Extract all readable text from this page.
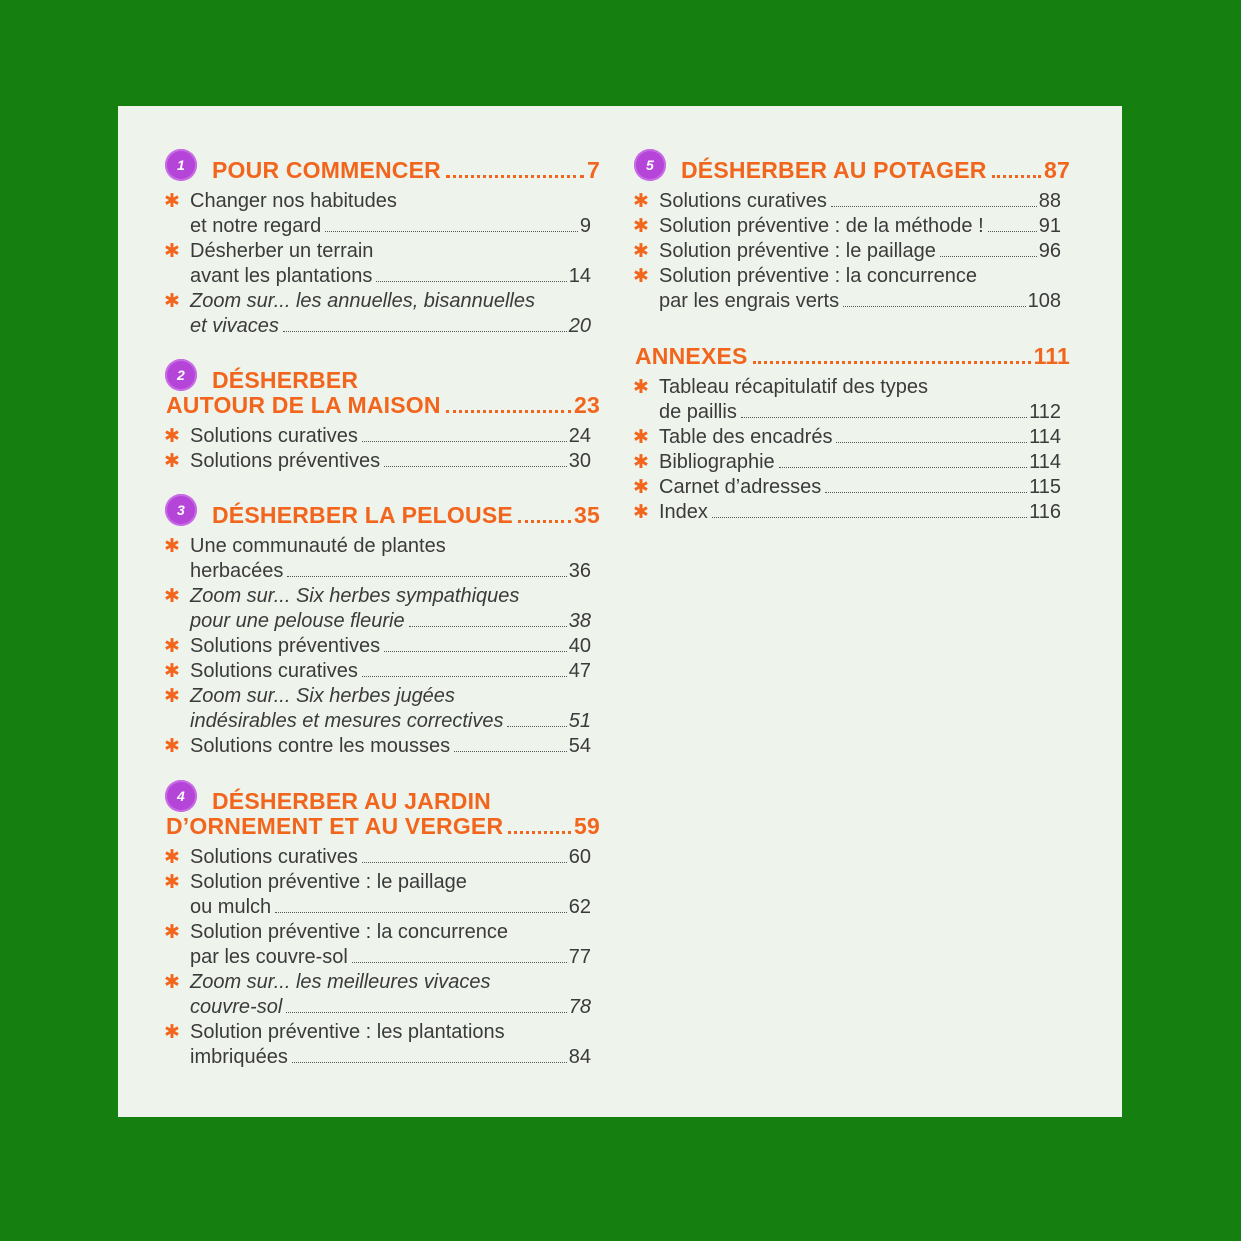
1	POUR COMMENCER	7
✱ Changer nos habitudes
et notre regard	9
✱ Désherber un terrain
avant les plantations	14
✱ Zoom sur... les annuelles, bisannuelles
et vivaces	20
2	DÉSHERBER
AUTOUR DE LA MAISON	23
✱ Solutions curatives	24
✱ Solutions préventives	30
3	DÉSHERBER LA PELOUSE	35
✱ Une communauté de plantes
herbacées	36
✱ Zoom sur... Six herbes sympathiques
pour une pelouse fleurie	38
✱ Solutions préventives	40
✱ Solutions curatives	47
✱ Zoom sur... Six herbes jugées
indésirables et mesures correctives	51
✱ Solutions contre les mousses	54
4	DÉSHERBER AU JARDIN
D’ORNEMENT ET AU VERGER	59
✱ Solutions curatives	60
✱ Solution préventive : le paillage
ou mulch	62
✱ Solution préventive : la concurrence
par les couvre-sol	77
✱ Zoom sur... les meilleures vivaces
couvre-sol	78
✱ Solution préventive : les plantations
imbriquées	84
5	DÉSHERBER AU POTAGER 87
✱ Solutions curatives	88
✱ Solution préventive : de la méthode !	91
✱ Solution préventive : le paillage	96
✱ Solution préventive : la concurrence
par les engrais verts	108
ANNEXES	111
✱ Tableau récapitulatif des types
de paillis	112
✱ Table des encadrés	114
✱ Bibliographie	114
✱ Carnet d’adresses	115
✱ Index	116
